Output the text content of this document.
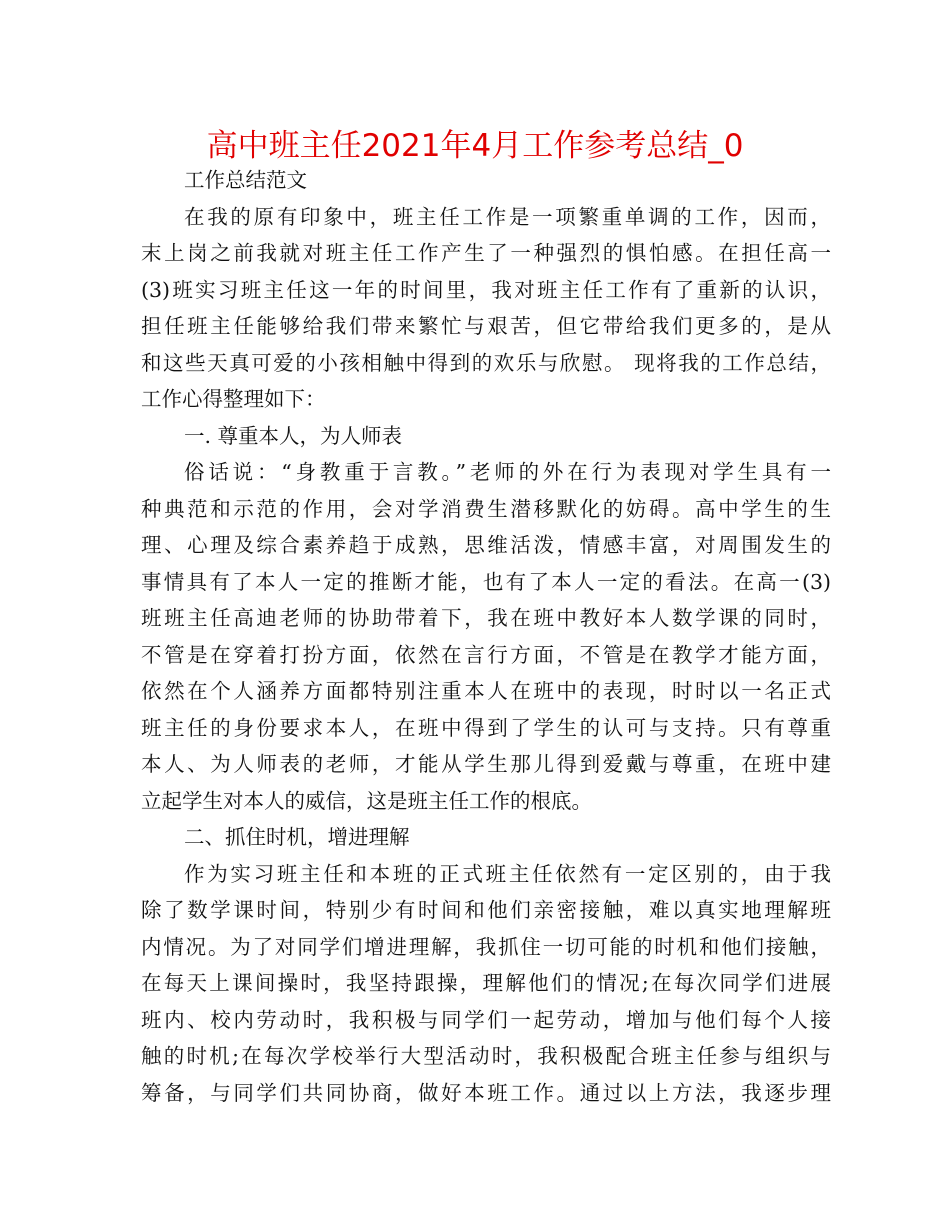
高中班主任2021年4月工作参考总结_0
工作总结范文
在我的原有印象中，班主任工作是一项繁重单调的工作，因而，
末上岗之前我就对班主任工作产生了一种强烈的惧怕感。在担任高一
(3)班实习班主任这一年的时间里，我对班主任工作有了重新的认识，
担任班主任能够给我们带来繁忙与艰苦，但它带给我们更多的，是从
和这些天真可爱的小孩相触中得到的欢乐与欣慰。 现将我的工作总结，
工作心得整理如下：
一. 尊重本人，为人师表
俗话说：“身教重于言教。”老师的外在行为表现对学生具有一
种典范和示范的作用，会对学消费生潜移默化的妨碍。高中学生的生
理、心理及综合素养趋于成熟，思维活泼，情感丰富，对周围发生的
事情具有了本人一定的推断才能，也有了本人一定的看法。在高一(3)
班班主任高迪老师的协助带着下，我在班中教好本人数学课的同时，
不管是在穿着打扮方面，依然在言行方面，不管是在教学才能方面，
依然在个人涵养方面都特别注重本人在班中的表现，时时以一名正式
班主任的身份要求本人，在班中得到了学生的认可与支持。只有尊重
本人、为人师表的老师，才能从学生那儿得到爱戴与尊重，在班中建
立起学生对本人的威信，这是班主任工作的根底。
二、抓住时机，增进理解
作为实习班主任和本班的正式班主任依然有一定区别的，由于我
除了数学课时间，特别少有时间和他们亲密接触，难以真实地理解班
内情况。为了对同学们增进理解，我抓住一切可能的时机和他们接触，
在每天上课间操时，我坚持跟操，理解他们的情况;在每次同学们进展
班内、校内劳动时，我积极与同学们一起劳动，增加与他们每个人接
触的时机;在每次学校举行大型活动时，我积极配合班主任参与组织与
筹备，与同学们共同协商，做好本班工作。通过以上方法，我逐步理
